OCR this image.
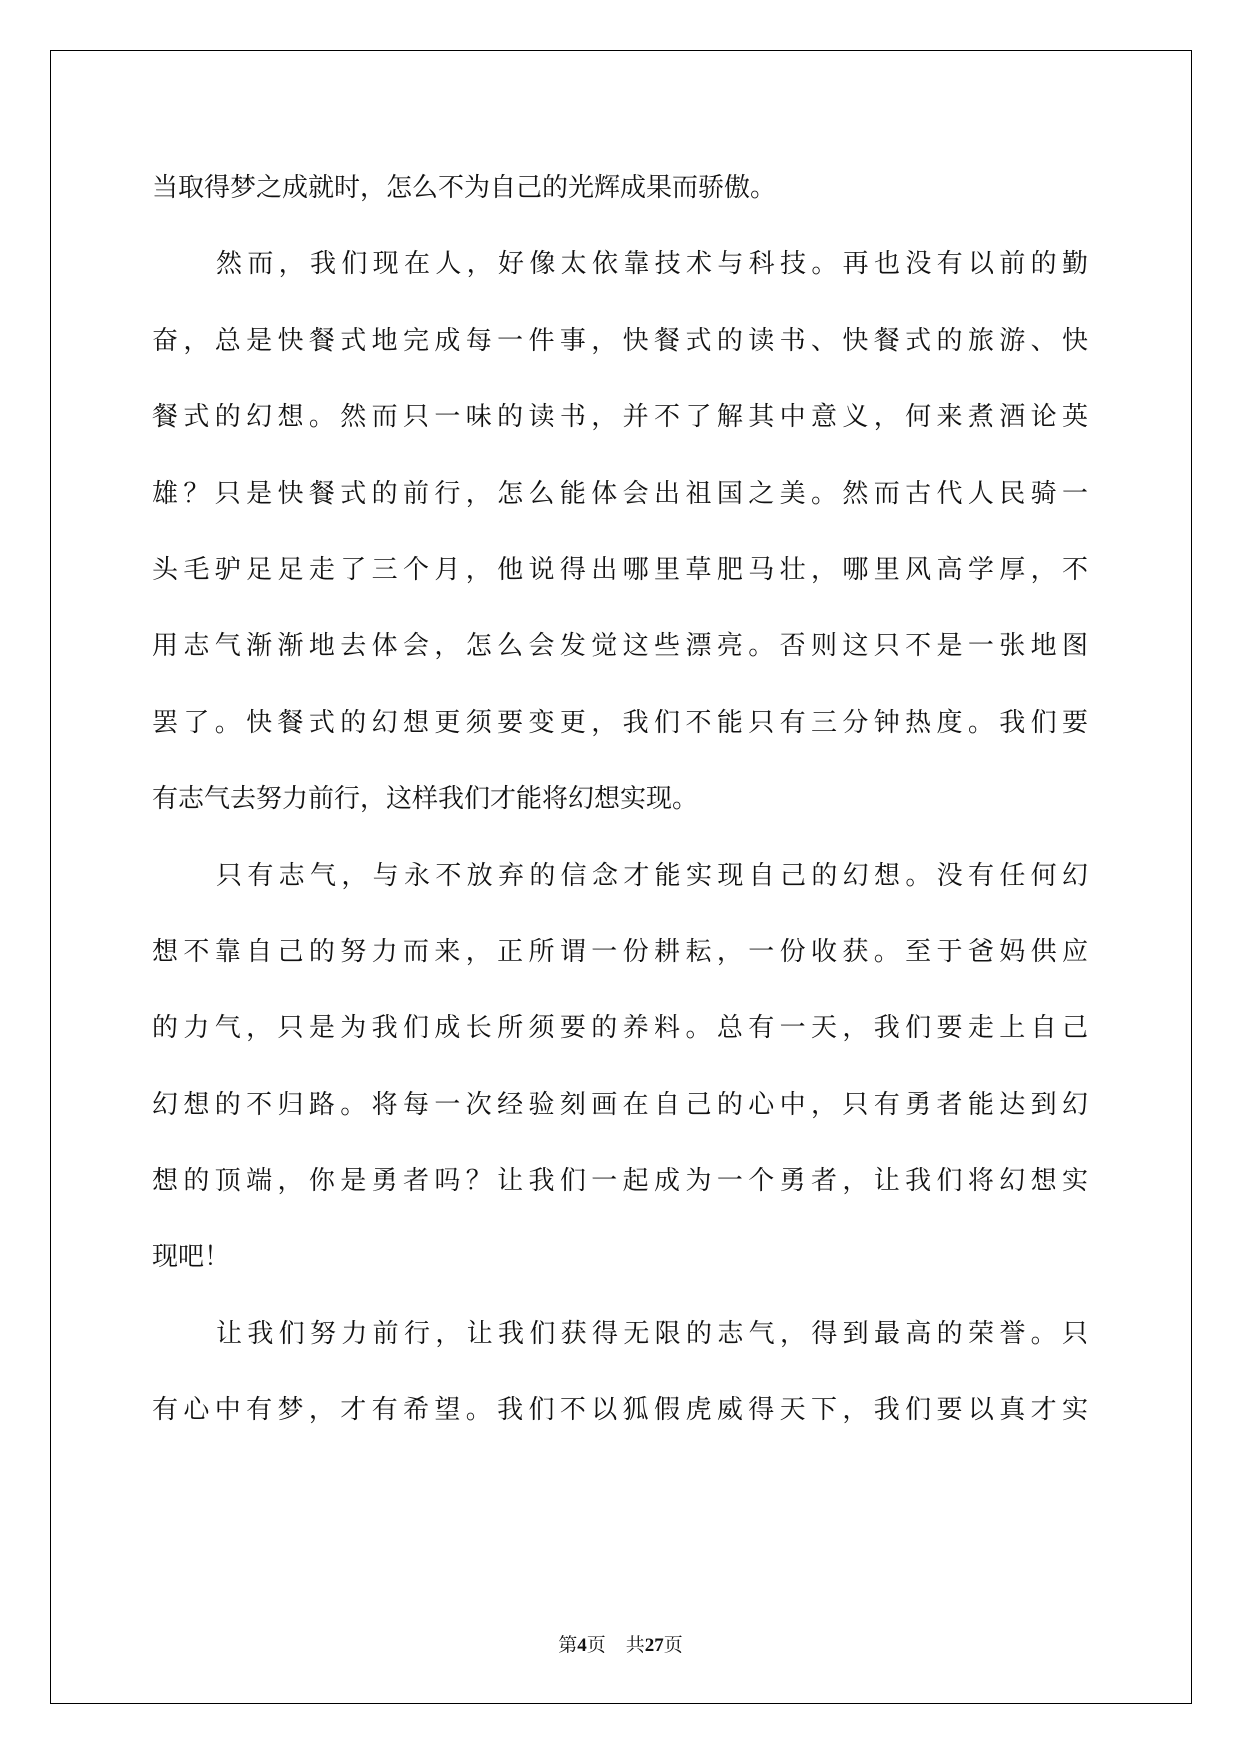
当取得梦之成就时，怎么不为自己的光辉成果而骄傲。
然而，我们现在人，好像太依靠技术与科技。再也没有以前的勤
奋，总是快餐式地完成每一件事，快餐式的读书、快餐式的旅游、快
餐式的幻想。然而只一味的读书，并不了解其中意义，何来煮酒论英
雄？只是快餐式的前行，怎么能体会出祖国之美。然而古代人民骑一
头毛驴足足走了三个月，他说得出哪里草肥马壮，哪里风高学厚，不
用志气渐渐地去体会，怎么会发觉这些漂亮。否则这只不是一张地图
罢了。快餐式的幻想更须要变更，我们不能只有三分钟热度。我们要
有志气去努力前行，这样我们才能将幻想实现。
只有志气，与永不放弃的信念才能实现自己的幻想。没有任何幻
想不靠自己的努力而来，正所谓一份耕耘，一份收获。至于爸妈供应
的力气，只是为我们成长所须要的养料。总有一天，我们要走上自己
幻想的不归路。将每一次经验刻画在自己的心中，只有勇者能达到幻
想的顶端，你是勇者吗？让我们一起成为一个勇者，让我们将幻想实
现吧！
让我们努力前行，让我们获得无限的志气，得到最高的荣誉。只
有心中有梦，才有希望。我们不以狐假虎威得天下，我们要以真才实
第4页 共27页
